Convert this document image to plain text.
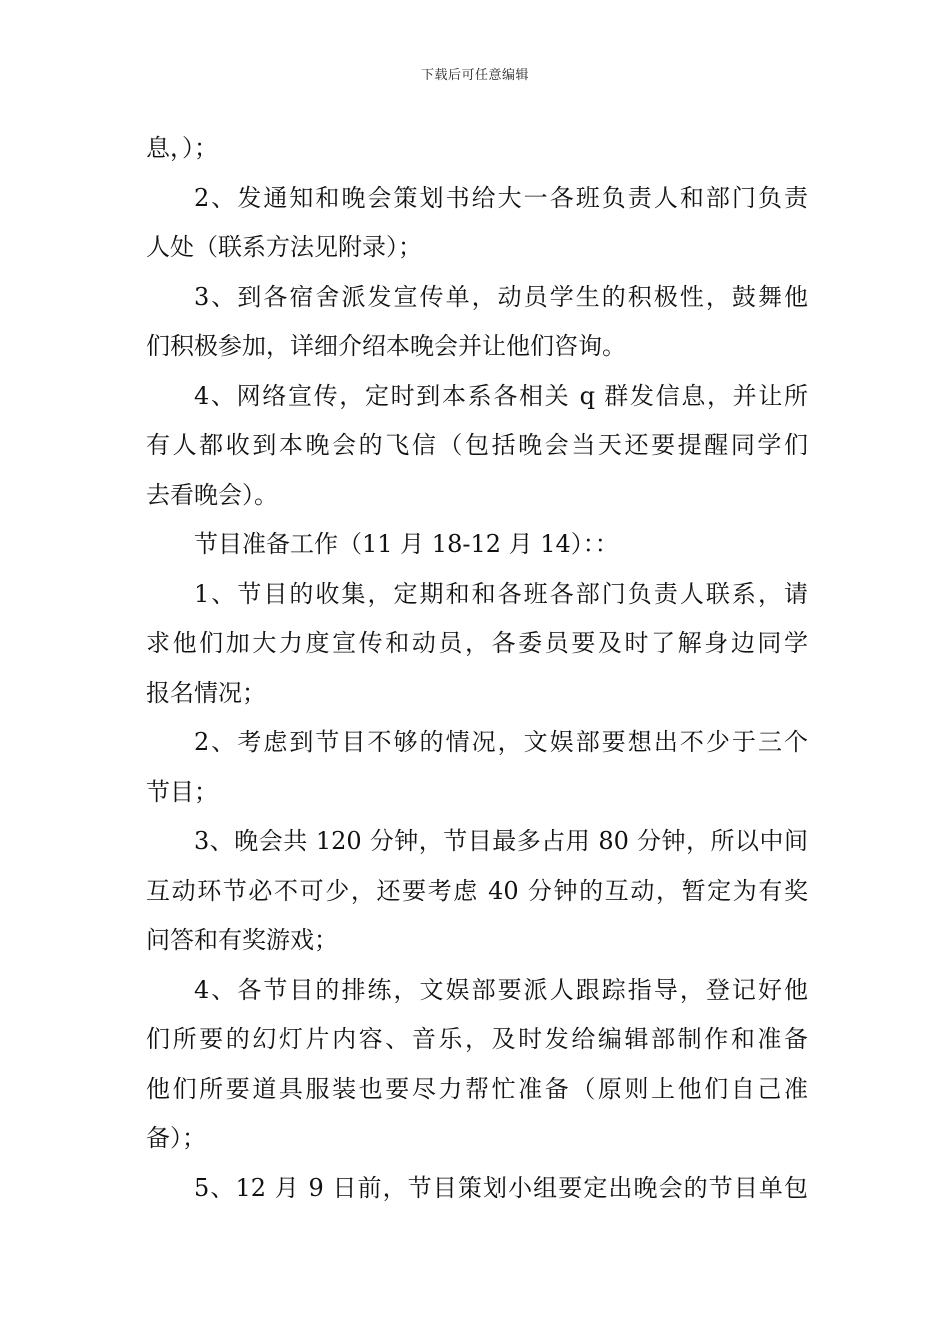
下载后可任意编辑
息，）；
2、发通知和晚会策划书给大一各班负责人和部门负责
人处（联系方法见附录）；
3、到各宿舍派发宣传单，动员学生的积极性，鼓舞他
们积极参加，详细介绍本晚会并让他们咨询。
4、网络宣传，定时到本系各相关 q 群发信息，并让所
有人都收到本晚会的飞信（包括晚会当天还要提醒同学们
去看晚会）。
节目准备工作（11 月 18-12 月 14）：：
1、节目的收集，定期和和各班各部门负责人联系，请
求他们加大力度宣传和动员，各委员要及时了解身边同学
报名情况；
2、考虑到节目不够的情况，文娱部要想出不少于三个
节目；
3、晚会共 120 分钟，节目最多占用 80 分钟，所以中间
互动环节必不可少，还要考虑 40 分钟的互动，暂定为有奖
问答和有奖游戏；
4、各节目的排练，文娱部要派人跟踪指导，登记好他
们所要的幻灯片内容、音乐，及时发给编辑部制作和准备
他们所要道具服装也要尽力帮忙准备（原则上他们自己准
备）；
5、12 月 9 日前，节目策划小组要定出晚会的节目单包
